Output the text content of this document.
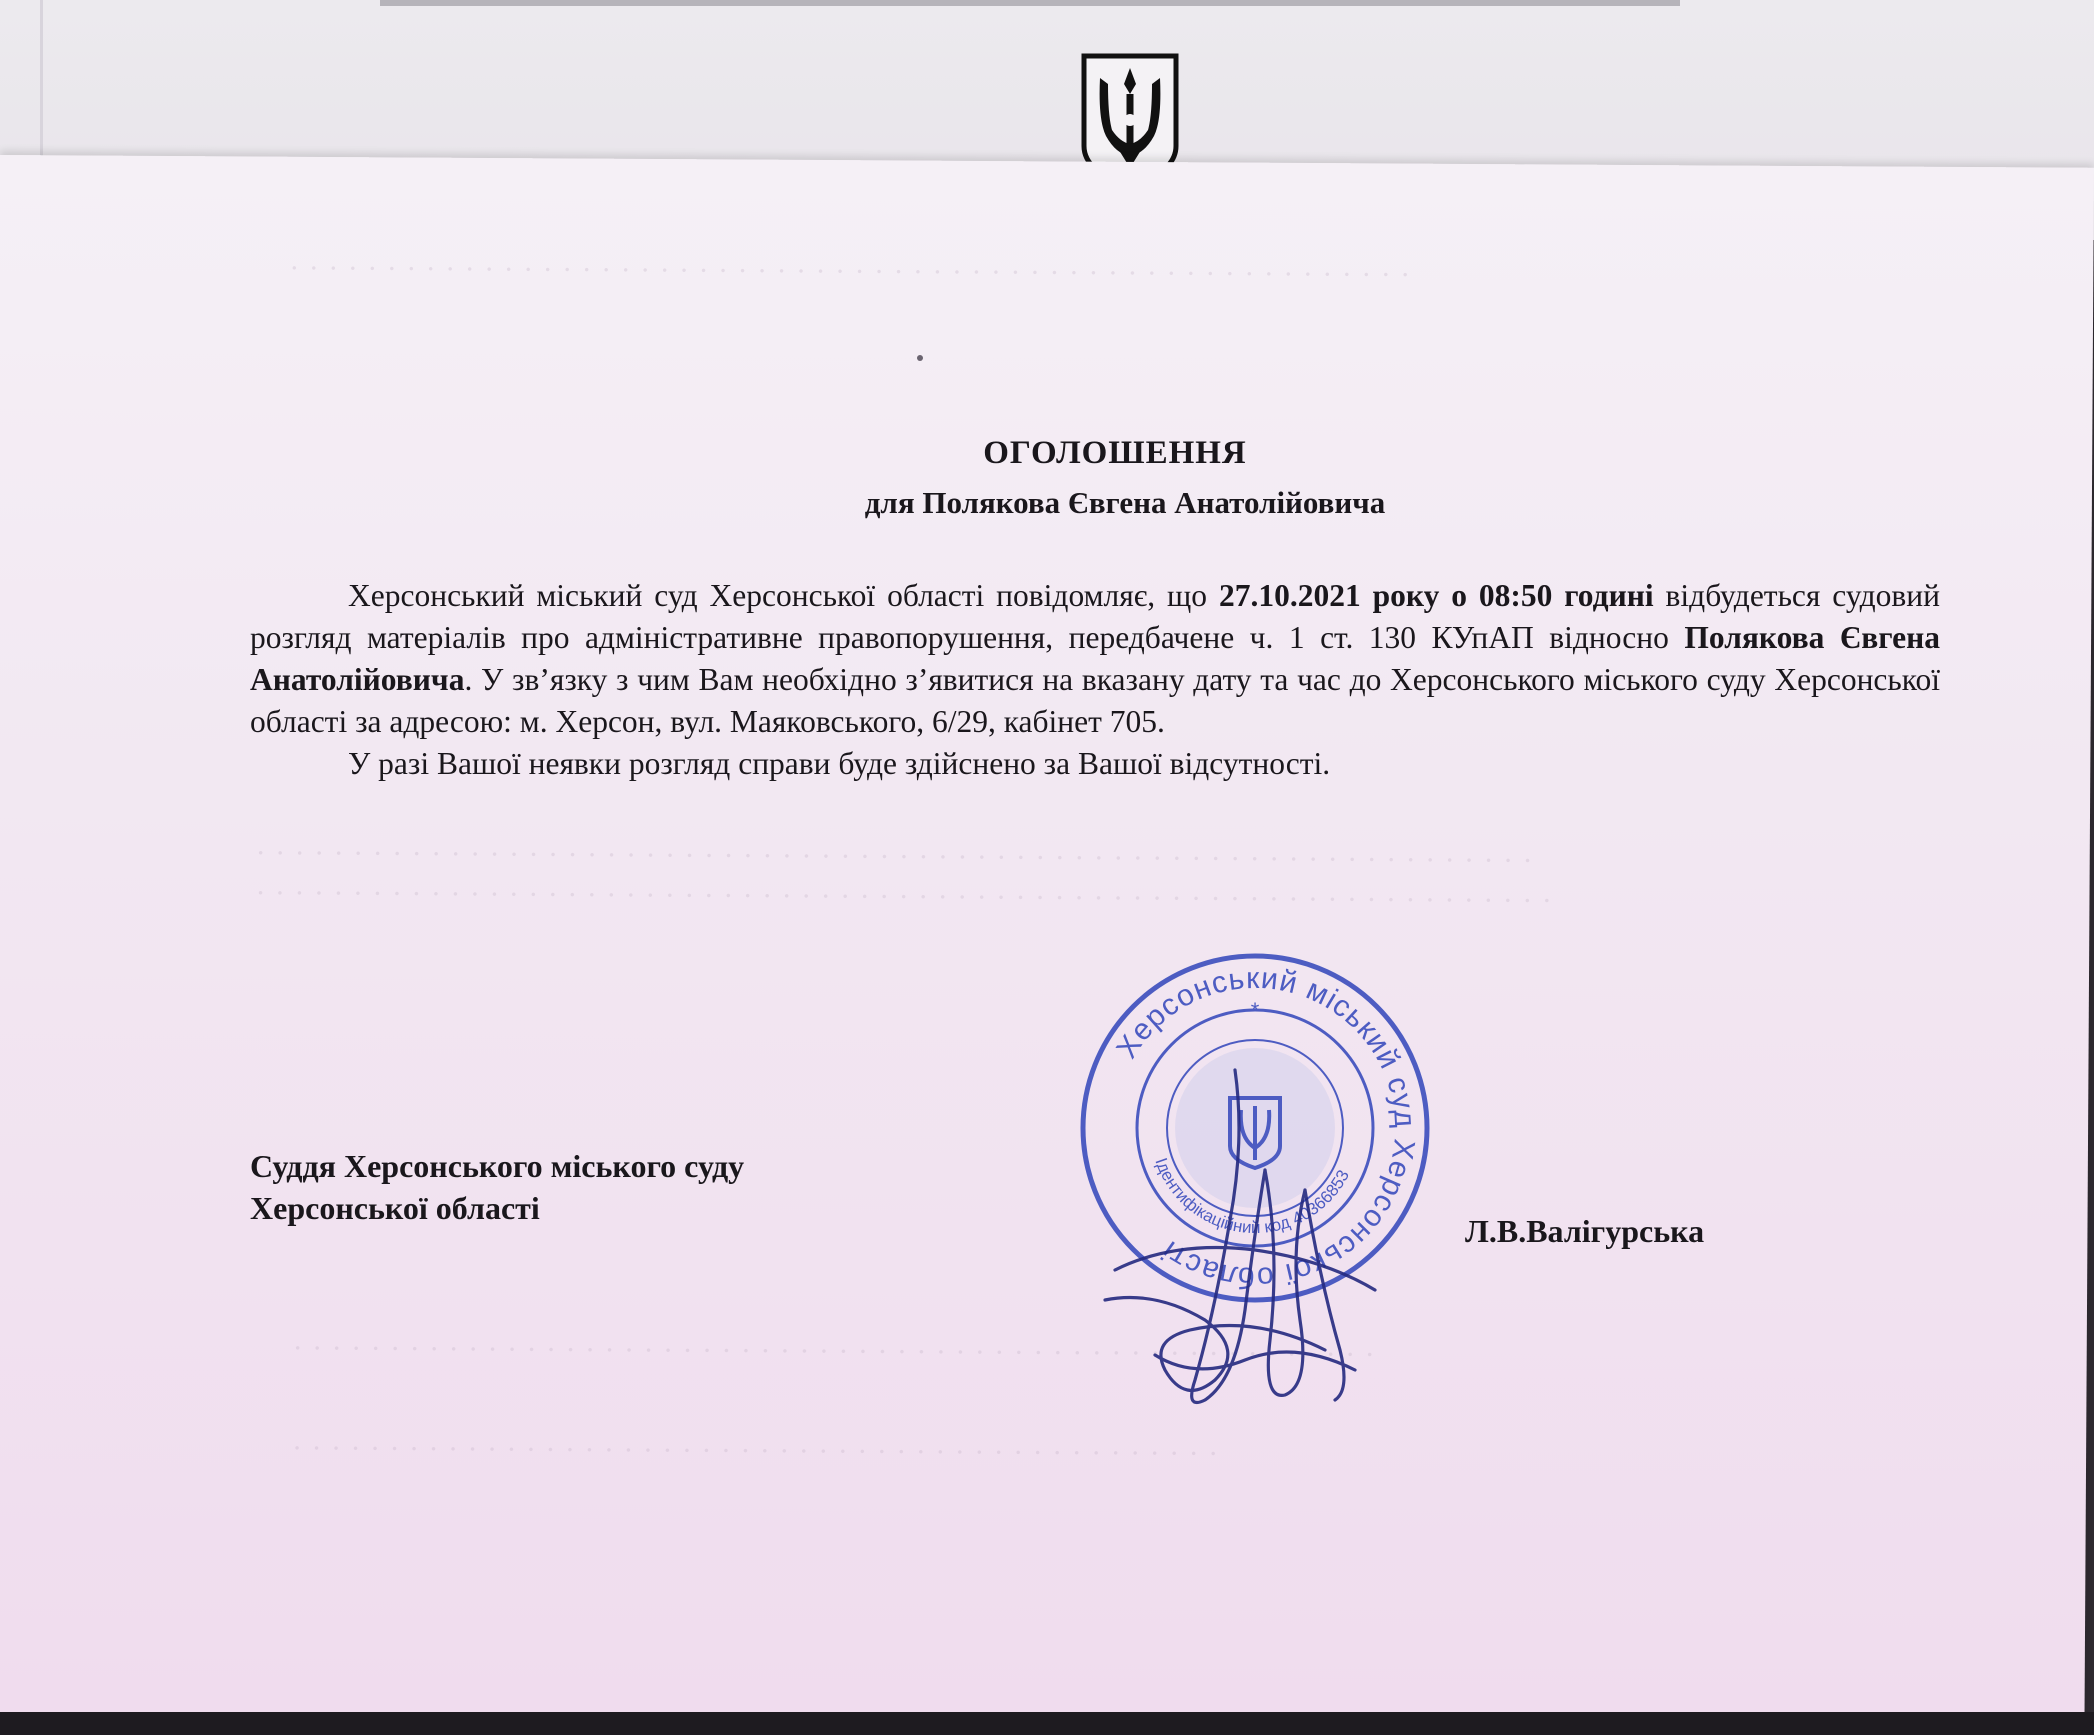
· · · · · · · · · · · · · · · · · · · · · · · · · · · · · · · · · · · · · · · · · · · · · · · · · · · · · · · · · ·
· · · · · · · · · · · · · · · · · · · · · · · · · · · · · · · · · · · · · · · · · · · · · · · · · · · · · · · · · · · · · · · · · ·
· · · · · · · · · · · · · · · · · · · · · · · · · · · · · · · · · · · · · · · · · · · · · · · · · · · · · · · · · · · · · · · · · · ·
· · · · · · · · · · · · · · · · · · · · · · · · · · · · · · · · · · · · · · · · · · · · · · · · · · · · · · · ·
· · · · · · · · · · · · · · · · · · · · · · · · · · · · · · · · · · · · · · · · · · · · · · · ·
ОГОЛОШЕННЯ
для Полякова Євгена Анатолійовича

Херсонський міський суд Херсонської області повідомляє, що 27.10.2021 року о 08:50 годині відбудеться судовий розгляд матеріалів про адміністративне правопорушення, передбачене ч. 1 ст. 130 КУпАП відносно Полякова Євгена Анатолійовича. У зв’язку з чим Вам необхідно з’явитися на вказану дату та час до Херсонського міського суду Херсонської області за адресою: м. Херсон, вул. Маяковського, 6/29, кабінет 705.

У разі Вашої неявки розгляд справи буде здійснено за Вашої відсутності.

Суддя Херсонського міського суду
Херсонської області
Л.В.Валігурська
Херсонський міський суд Херсонської області
Ідентифікаційний код 40366853
*
